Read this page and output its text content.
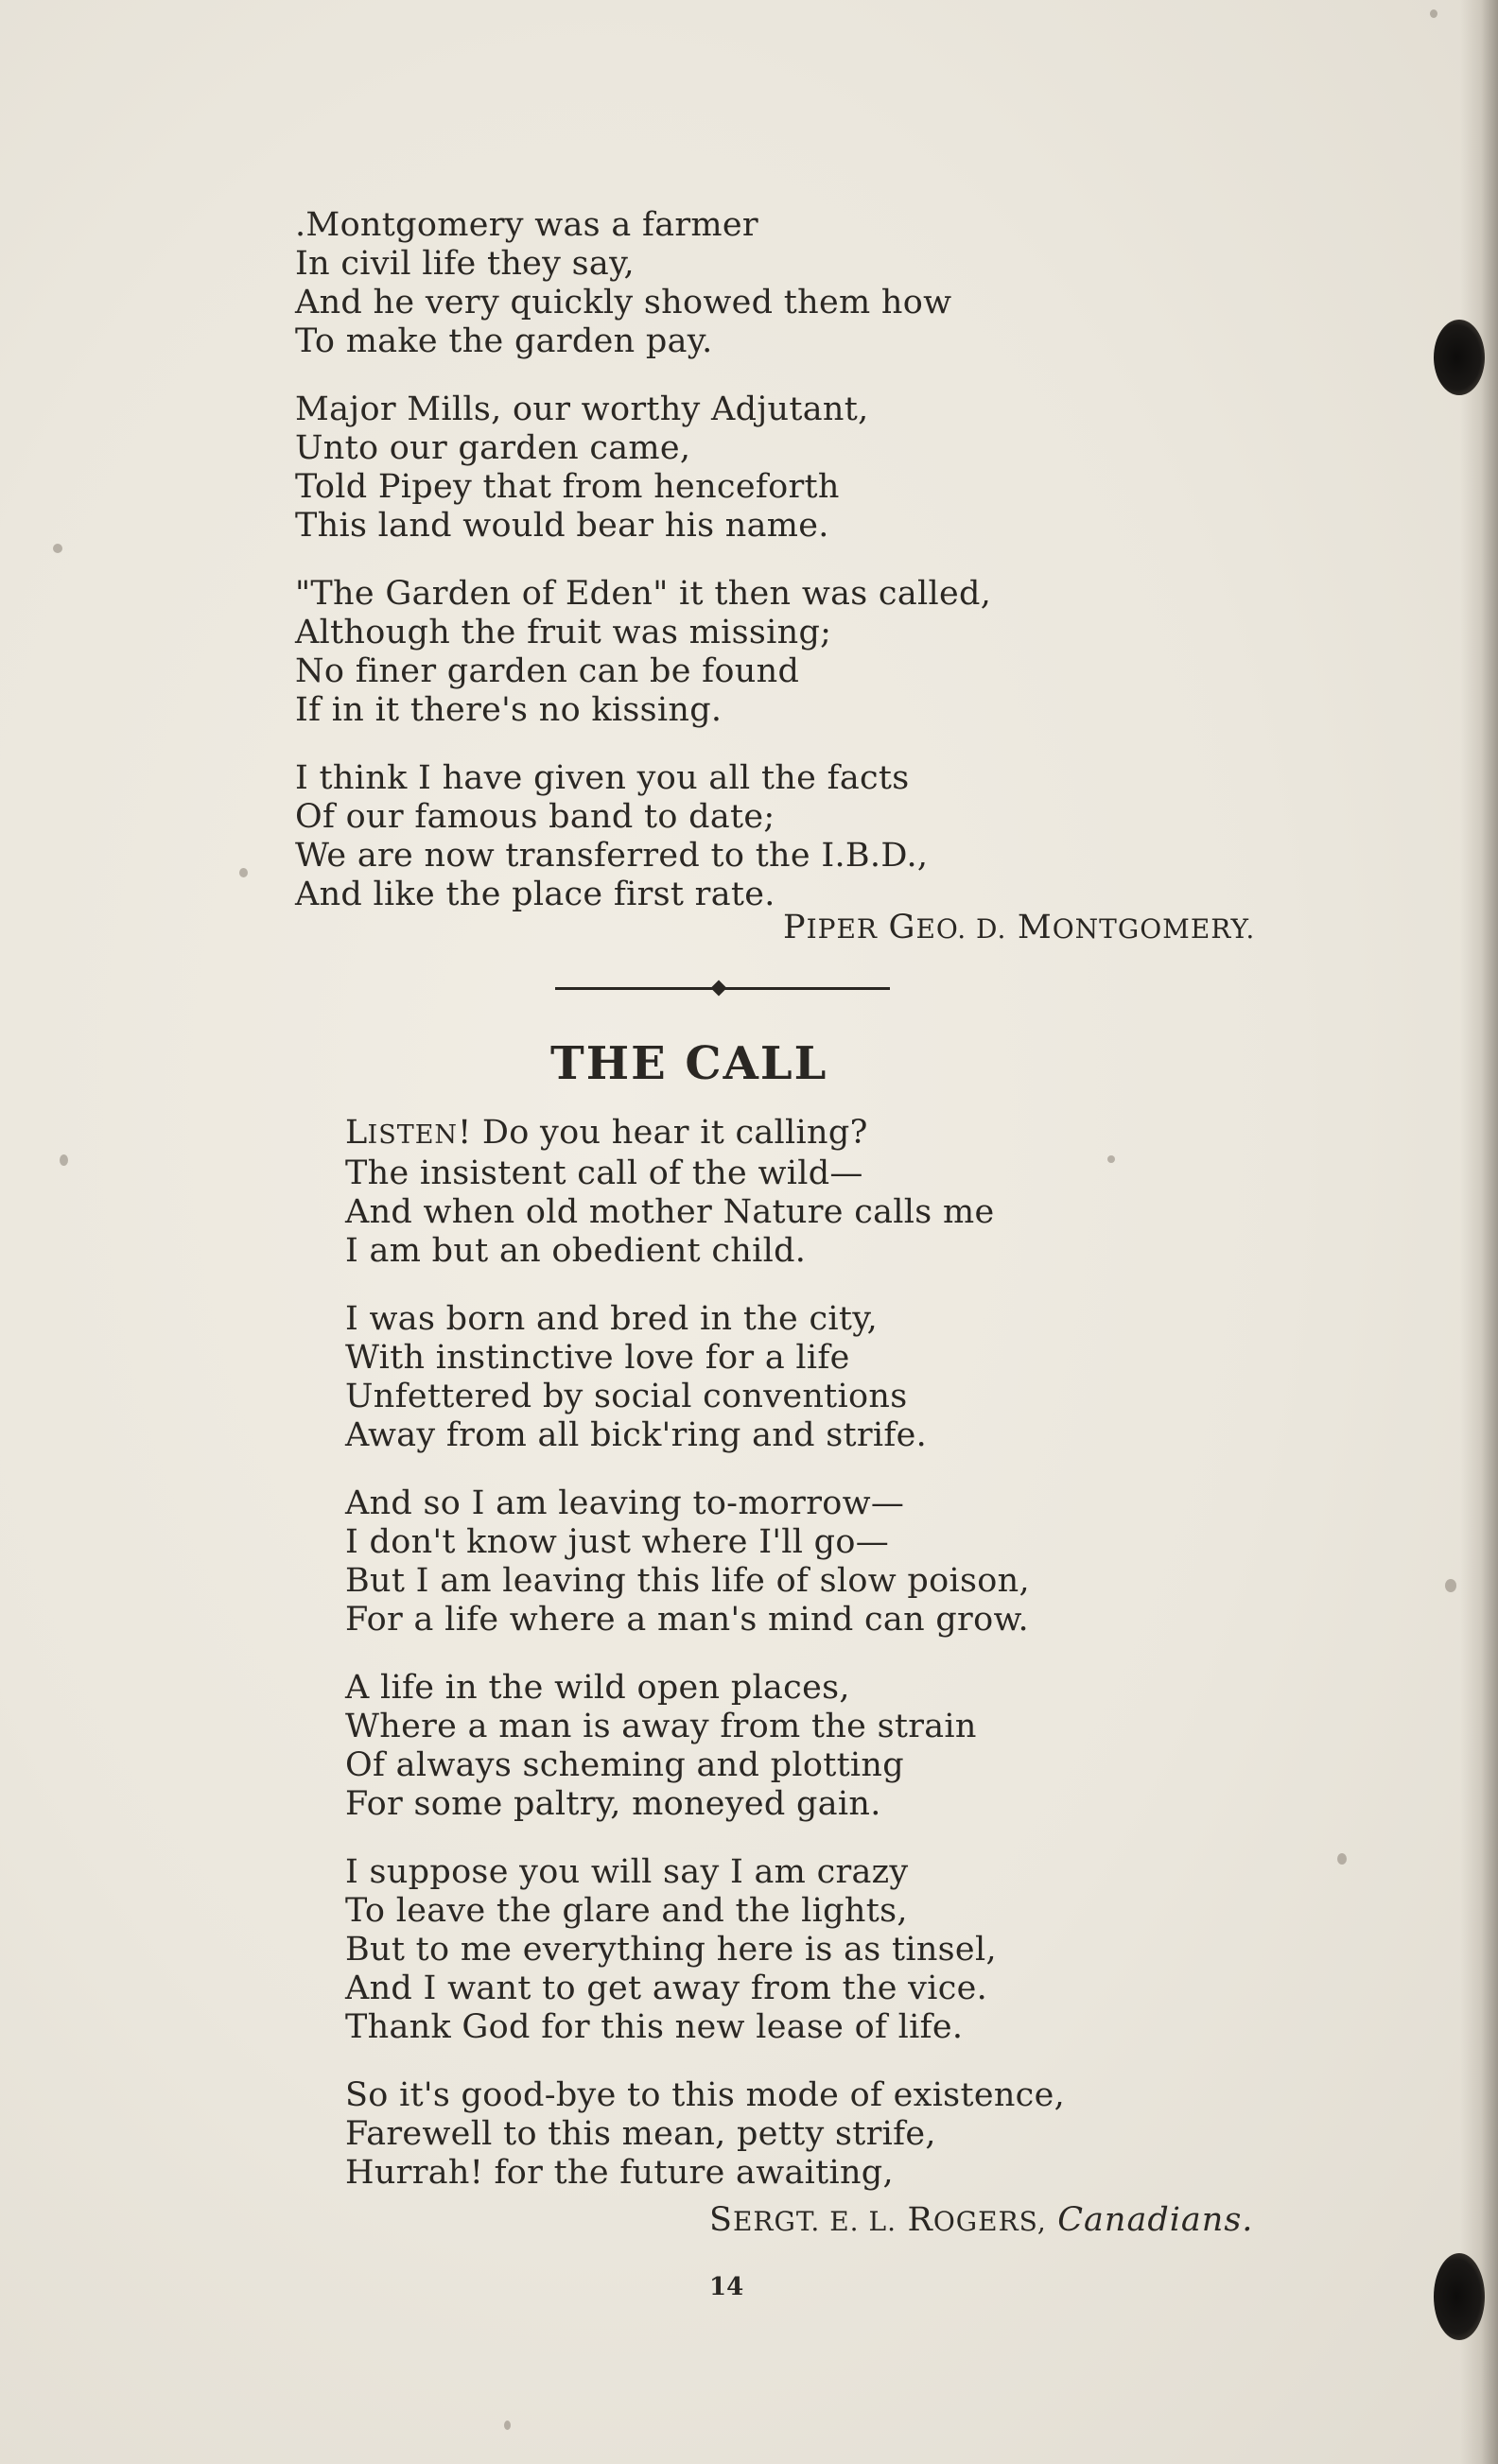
.Montgomery was a farmer
In civil life they say,
And he very quickly showed them how
To make the garden pay.
Major Mills, our worthy Adjutant,
Unto our garden came,
Told Pipey that from henceforth
This land would bear his name.
"The Garden of Eden" it then was called,
Although the fruit was missing;
No finer garden can be found
If in it there's no kissing.
I think I have given you all the facts
Of our famous band to date;
We are now transferred to the I.B.D.,
And like the place first rate.
PIPER GEO. D. MONTGOMERY.
THE CALL
LISTEN! Do you hear it calling?
The insistent call of the wild—
And when old mother Nature calls me
I am but an obedient child.
I was born and bred in the city,
With instinctive love for a life
Unfettered by social conventions
Away from all bick'ring and strife.
And so I am leaving to-morrow—
I don't know just where I'll go—
But I am leaving this life of slow poison,
For a life where a man's mind can grow.
A life in the wild open places,
Where a man is away from the strain
Of always scheming and plotting
For some paltry, moneyed gain.
I suppose you will say I am crazy
To leave the glare and the lights,
But to me everything here is as tinsel,
And I want to get away from the vice.
Thank God for this new lease of life.
So it's good-bye to this mode of existence,
Farewell to this mean, petty strife,
Hurrah! for the future awaiting,
SERGT. E. L. ROGERS, Canadians.
14
